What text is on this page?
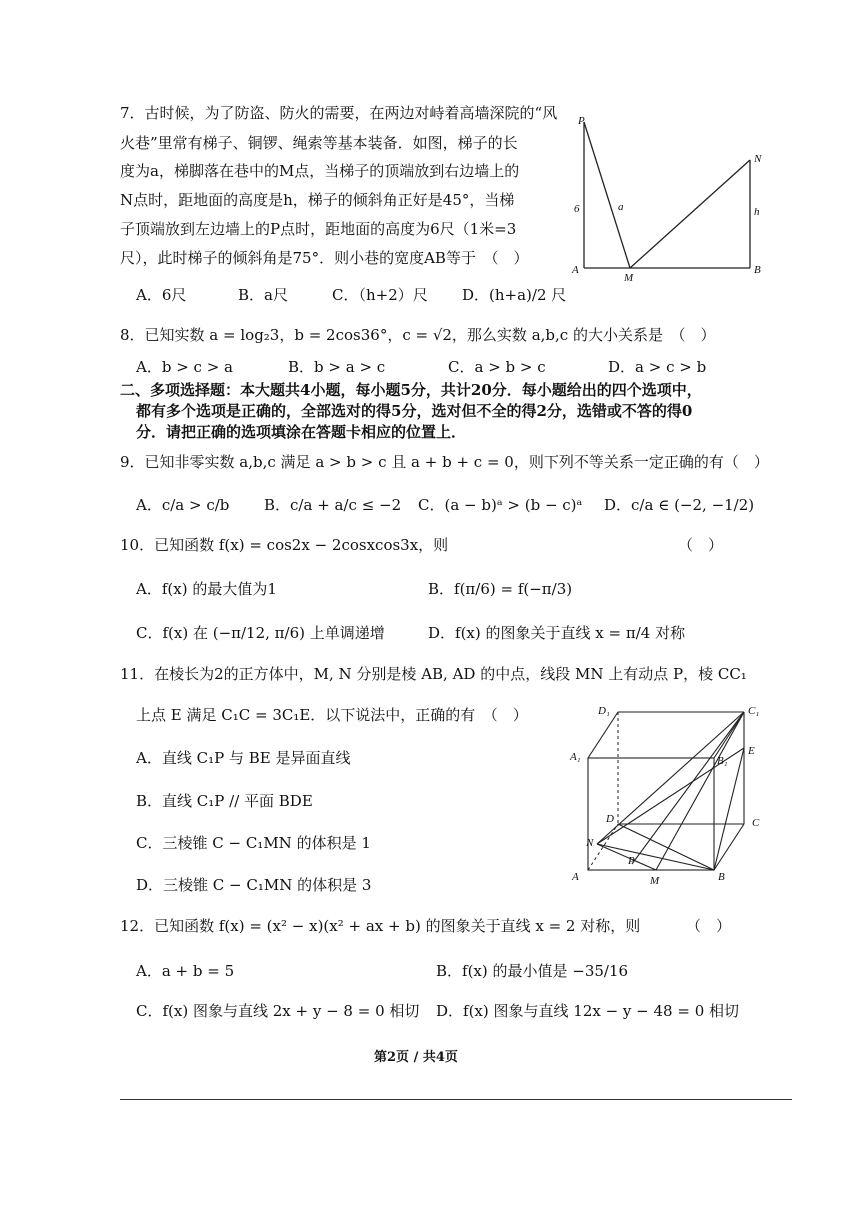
7．古时候，为了防盗、防火的需要，在两边对峙着高墙深院的“风
火巷”里常有梯子、铜锣、绳索等基本装备．如图，梯子的长
度为a，梯脚落在巷中的M点，当梯子的顶端放到右边墙上的
N点时，距地面的高度是h，梯子的倾斜角正好是45°，当梯
子顶端放到左边墙上的P点时，距地面的高度为6尺（1米=3
尺），此时梯子的倾斜角是75°．则小巷的宽度AB等于　（　）
A．6尺	B．a尺	C．（h+2）尺 D．(h+a)/2 尺
P
N
6	a	h
A
M
B
8．已知实数 a = log₂3，b = 2cos36°，c = √2，那么实数 a,b,c 的大小关系是　（　）
A．b > c > a	B．b > a > c	C．a > b > c	D．a > c > b
二、多项选择题：本大题共4小题，每小题5分，共计20分．每小题给出的四个选项中，
都有多个选项是正确的，全部选对的得5分，选对但不全的得2分，选错或不答的得0
分．请把正确的选项填涂在答题卡相应的位置上．
9．已知非零实数 a,b,c 满足 a > b > c 且 a + b + c = 0，则下列不等关系一定正确的有（　）
A．c/a > c/b B．c/a + a/c ≤ −2 C．(a − b)ᵃ > (b − c)ᵃ D．c/a ∈ (−2, −1/2)
10．已知函数 f(x) = cos2x − 2cosxcos3x，则	（　）
A．f(x) 的最大值为1	B．f(π/6) = f(−π/3)
C．f(x) 在 (−π/12, π/6) 上单调递增	D．f(x) 的图象关于直线 x = π/4 对称
11．在棱长为2的正方体中，M, N 分别是棱 AB, AD 的中点，线段 MN 上有动点 P，棱 CC₁
上点 E 满足 C₁C = 3C₁E．以下说法中，正确的有　（　）
A．直线 C₁P 与 BE 是异面直线
B．直线 C₁P // 平面 BDE
C．三棱锥 C − C₁MN 的体积是 1
D．三棱锥 C − C₁MN 的体积是 3
D₁	C₁
A₁	B₁
E
D	C
N
P
A	M	B
12．已知函数 f(x) = (x² − x)(x² + ax + b) 的图象关于直线 x = 2 对称，则	（　）
A．a + b = 5	B．f(x) 的最小值是 −35/16
C．f(x) 图象与直线 2x + y − 8 = 0 相切 D．f(x) 图象与直线 12x − y − 48 = 0 相切
第2页 / 共4页
